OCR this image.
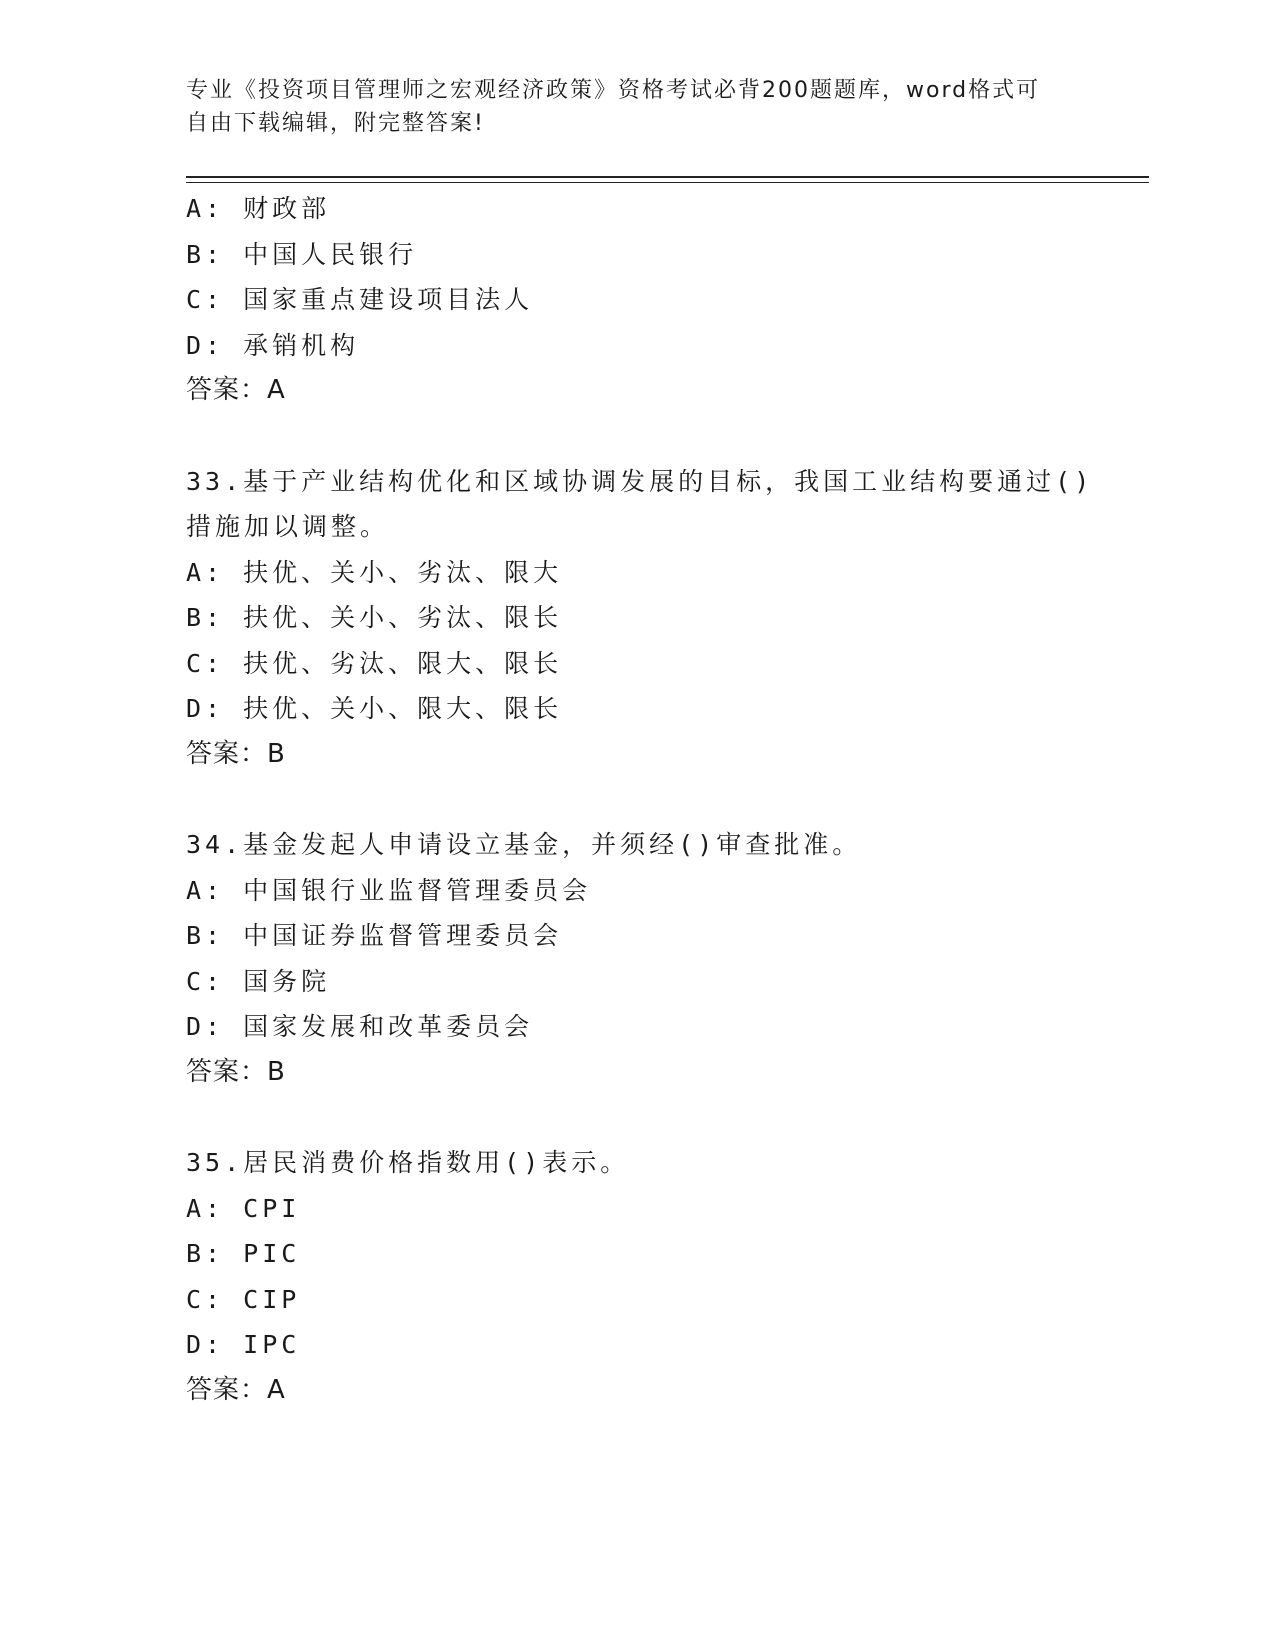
专业《投资项目管理师之宏观经济政策》资格考试必背200题题库，word格式可
自由下载编辑，附完整答案!
A: 财政部
B: 中国人民银行
C: 国家重点建设项目法人
D: 承销机构
答案：A
33.基于产业结构优化和区域协调发展的目标，我国工业结构要通过()
措施加以调整。
A: 扶优、关小、劣汰、限大
B: 扶优、关小、劣汰、限长
C: 扶优、劣汰、限大、限长
D: 扶优、关小、限大、限长
答案：B
34.基金发起人申请设立基金，并须经()审查批准。
A: 中国银行业监督管理委员会
B: 中国证券监督管理委员会
C: 国务院
D: 国家发展和改革委员会
答案：B
35.居民消费价格指数用()表示。
A: CPI
B: PIC
C: CIP
D: IPC
答案：A
